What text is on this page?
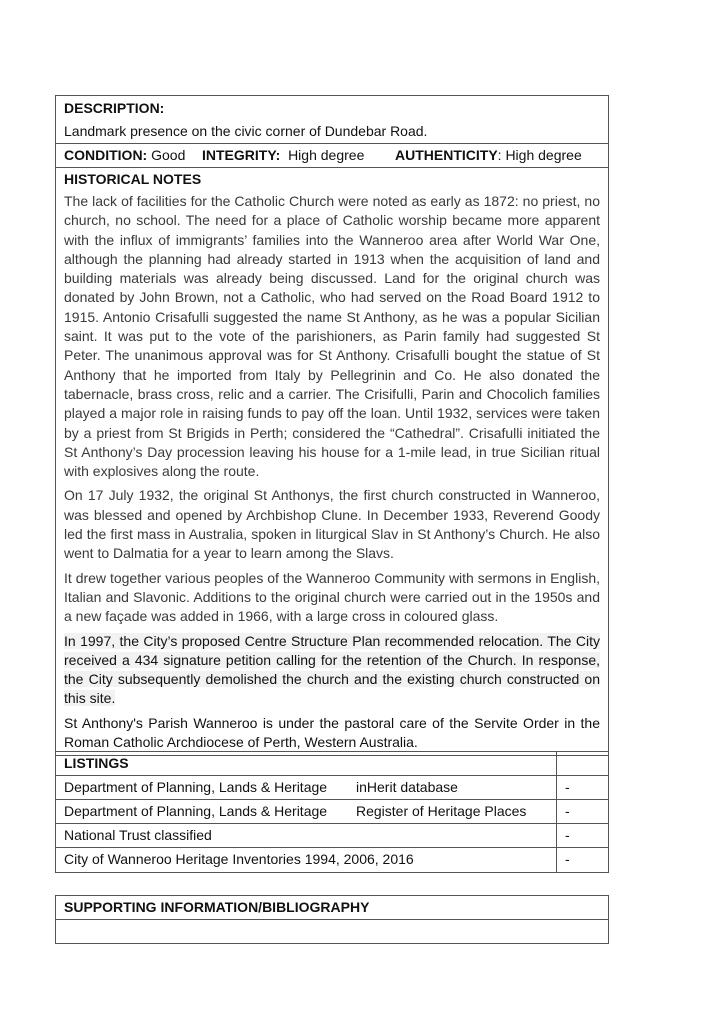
DESCRIPTION:
Landmark presence on the civic corner of Dundebar Road.
CONDITION: Good INTEGRITY:  High degree AUTHENTICITY: High degree
HISTORICAL NOTES

The lack of facilities for the Catholic Church were noted as early as 1872: no priest, no church, no school. The need for a place of Catholic worship became more apparent with the influx of immigrants’ families into the Wanneroo area after World War One, although the planning had already started in 1913 when the acquisition of land and building materials was already being discussed. Land for the original church was donated by John Brown, not a Catholic, who had served on the Road Board 1912 to 1915. Antonio Crisafulli suggested the name St Anthony, as he was a popular Sicilian saint. It was put to the vote of the parishioners, as Parin family had suggested St Peter. The unanimous approval was for St Anthony. Crisafulli bought the statue of St Anthony that he imported from Italy by Pellegrinin and Co. He also donated the tabernacle, brass cross, relic and a carrier. The Crisifulli, Parin and Chocolich families played a major role in raising funds to pay off the loan. Until 1932, services were taken by a priest from St Brigids in Perth; considered the “Cathedral”. Crisafulli initiated the St Anthony’s Day procession leaving his house for a 1-mile lead, in true Sicilian ritual with explosives along the route.

On 17 July 1932, the original St Anthonys, the first church constructed in Wanneroo, was blessed and opened by Archbishop Clune. In December 1933, Reverend Goody led the first mass in Australia, spoken in liturgical Slav in St Anthony’s Church. He also went to Dalmatia for a year to learn among the Slavs.

It drew together various peoples of the Wanneroo Community with sermons in English, Italian and Slavonic. Additions to the original church were carried out in the 1950s and a new façade was added in 1966, with a large cross in coloured glass.

In 1997, the City’s proposed Centre Structure Plan recommended relocation. The City received a 434 signature petition calling for the retention of the Church. In response, the City subsequently demolished the church and the existing church constructed on this site.

St Anthony's Parish Wanneroo is under the pastoral care of the Servite Order in the Roman Catholic Archdiocese of Perth, Western Australia.

LISTINGS
Department of Planning, Lands & Heritage inHerit database	-
Department of Planning, Lands & Heritage Register of Heritage Places	-
National Trust classified	-
City of Wanneroo Heritage Inventories 1994, 2006, 2016	-
SUPPORTING INFORMATION/BIBLIOGRAPHY
